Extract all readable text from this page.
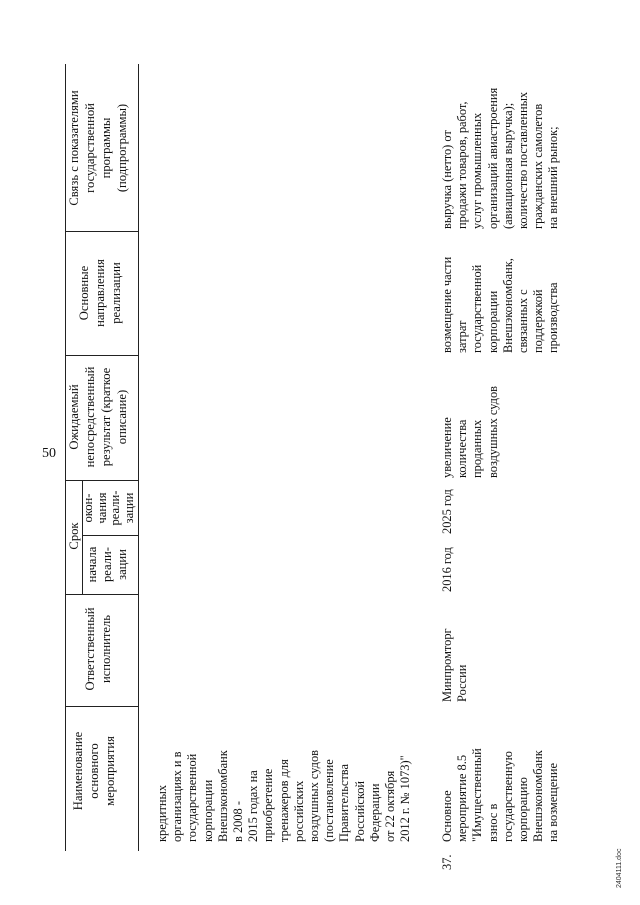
50
Наименование основного мероприятия
Ответственный исполнитель
Срок
начала реали- зации
окон- чания реали- зации
Ожидаемый непосредственный результат (краткое описание)
Основные направления реализации
Связь с показателями государственной программы (подпрограммы)
кредитных организациях и в государственной корпорации Внешэкономбанк в 2008 - 2015 годах на приобретение тренажеров для российских воздушных судов (постановление Правительства Российской Федерации от 22 октября 2012 г. № 1073)"
37.
Основное мероприятие 8.5 "Имущественный взнос в государственную корпорацию Внешэкономбанк на возмещение
Минпромторг России
2016 год
2025 год
увеличение количества проданных воздушных судов
возмещение части затрат государственной корпорации Внешэкономбанк, связанных с поддержкой производства
выручка (нетто) от продажи товаров, работ, услуг промышленных организаций авиастроения (авиационная выручка); количество поставленных гражданских самолетов на внешний рынок;
2404111.doc
